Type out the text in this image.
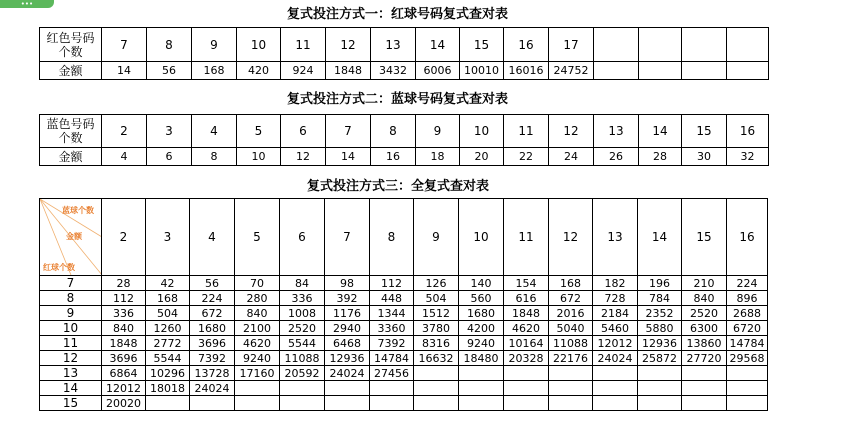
•••
复式投注方式一：红球号码复式查对表
红色号码
个数	7	8	9	10	11	12	13	14	15	16	17				
金额	14	56	168	420	924	1848	3432	6006	10010	16016	24752				
复式投注方式二：蓝球号码复式查对表
蓝色号码
个数	2	3	4	5	6	7	8	9	10	11	12	13	14	15	16
金额	4	6	8	10	12	14	16	18	20	22	24	26	28	30	32
复式投注方式三：全复式查对表
蓝球个数
金额
红球个数	2	3	4	5	6	7	8	9	10	11	12	13	14	15	16
7	28	42	56	70	84	98	112	126	140	154	168	182	196	210	224
8	112	168	224	280	336	392	448	504	560	616	672	728	784	840	896
9	336	504	672	840	1008	1176	1344	1512	1680	1848	2016	2184	2352	2520	2688
10	840	1260	1680	2100	2520	2940	3360	3780	4200	4620	5040	5460	5880	6300	6720
11	1848	2772	3696	4620	5544	6468	7392	8316	9240	10164	11088	12012	12936	13860	14784
12	3696	5544	7392	9240	11088	12936	14784	16632	18480	20328	22176	24024	25872	27720	29568
13	6864	10296	13728	17160	20592	24024	27456								
14	12012	18018	24024												
15	20020														
